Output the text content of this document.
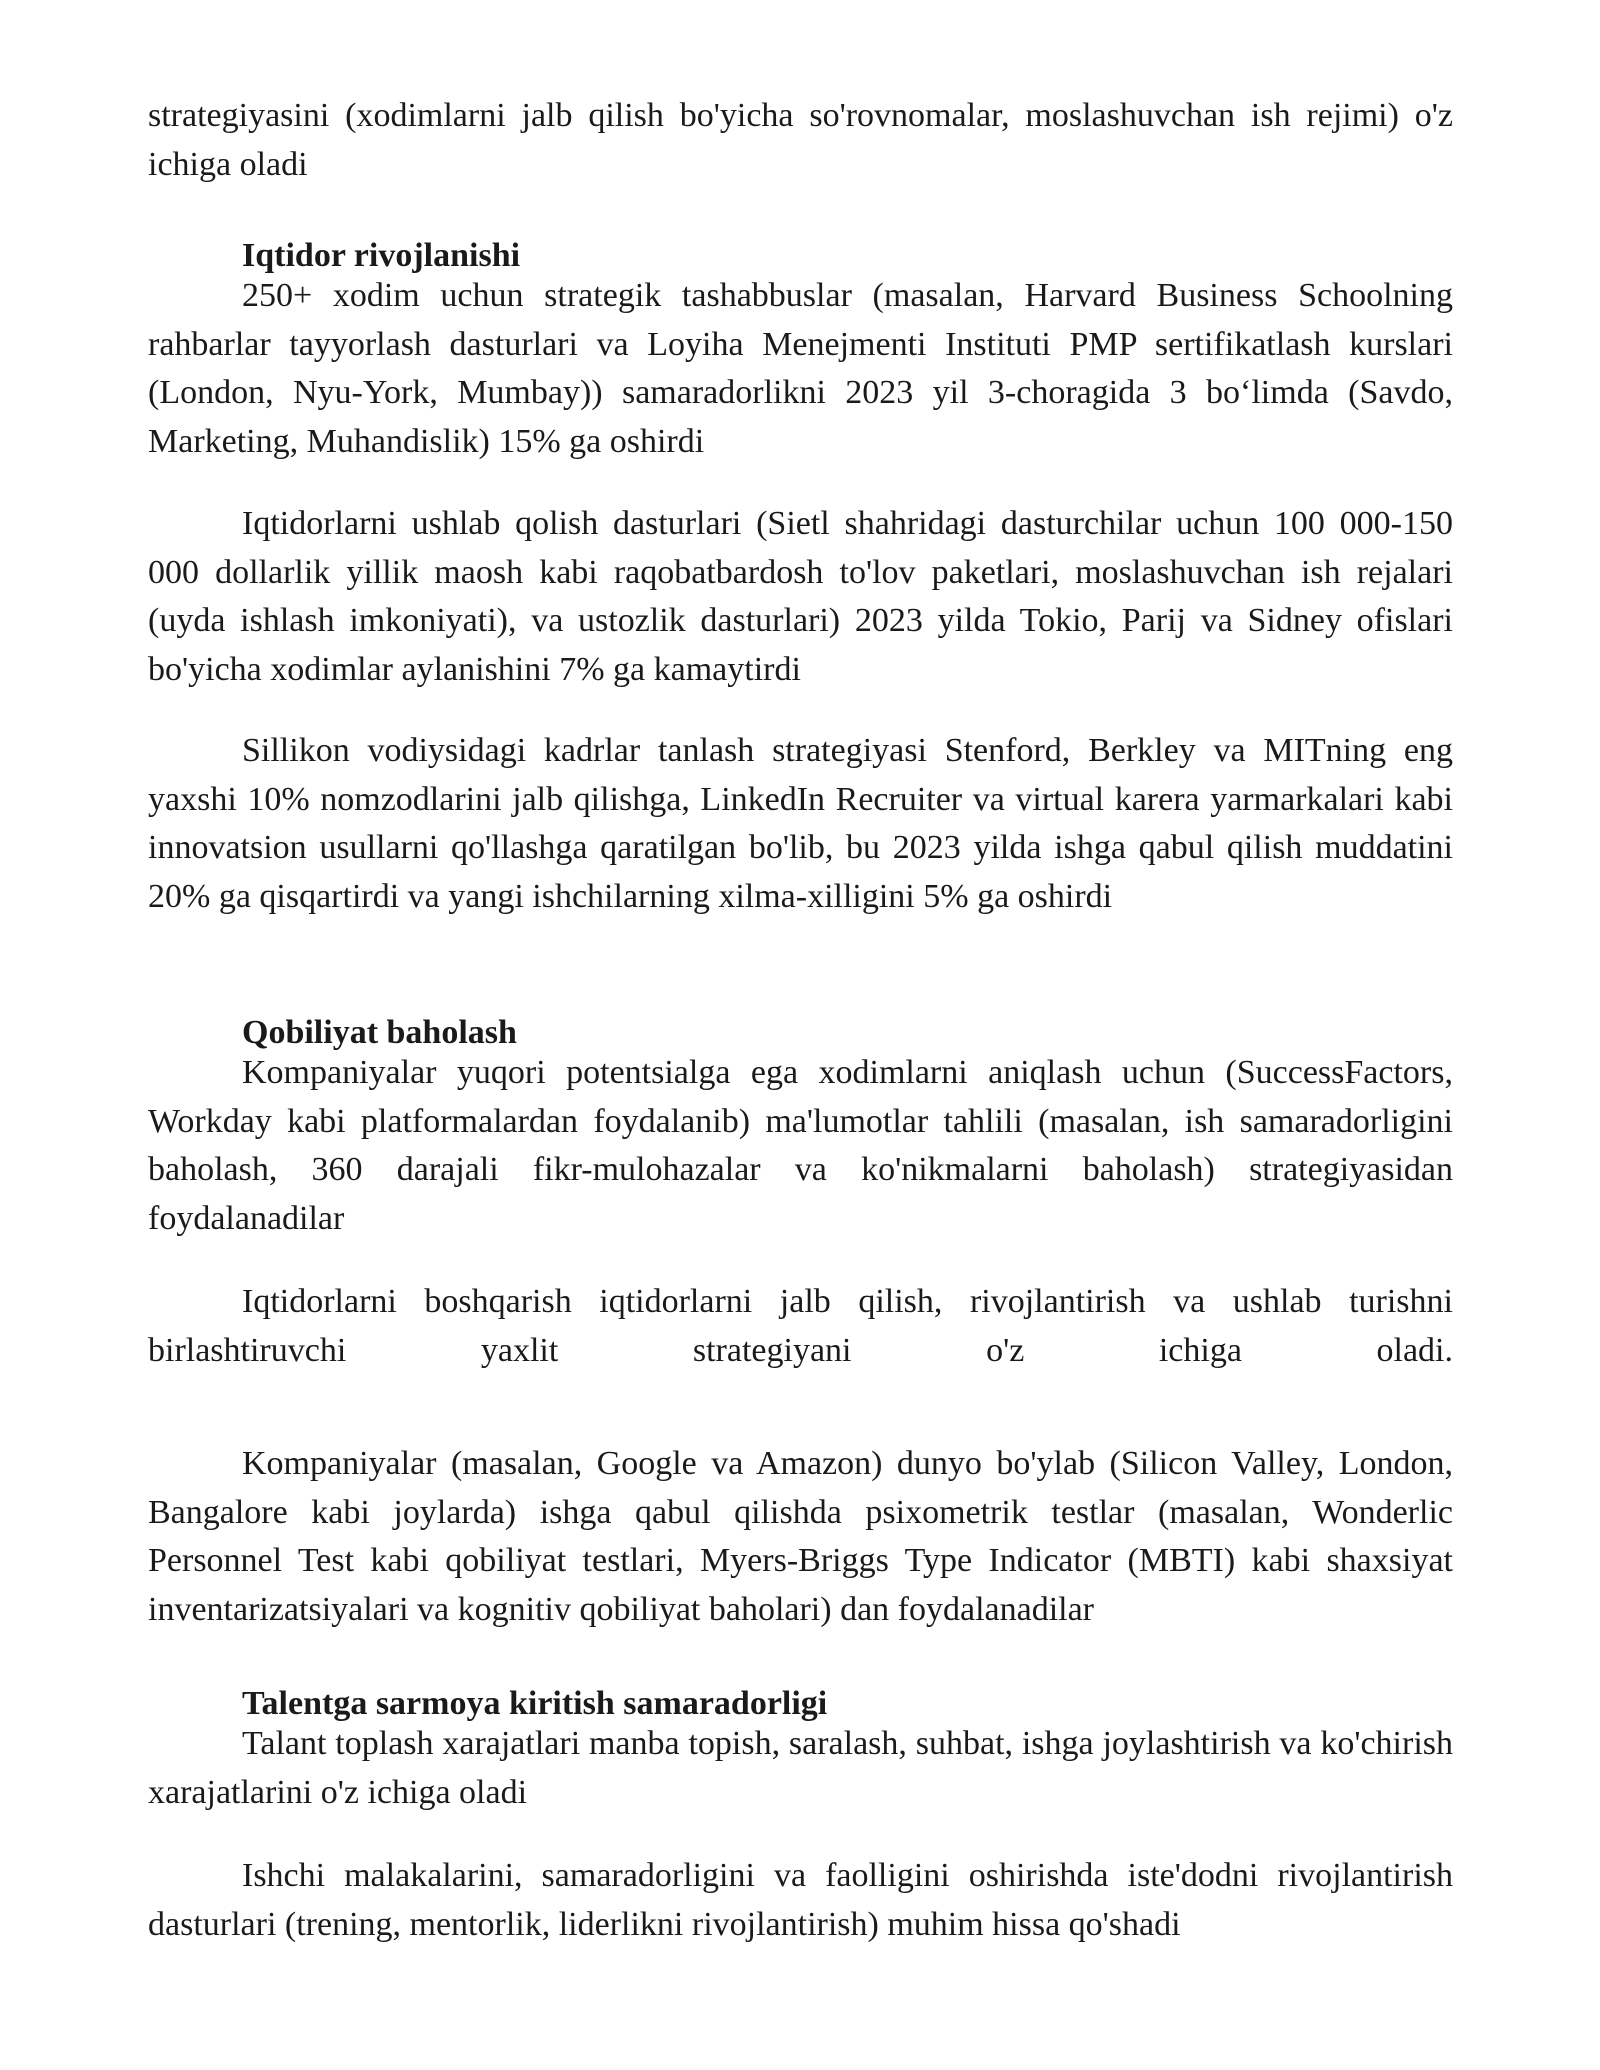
strategiyasini (xodimlarni jalb qilish bo'yicha so'rovnomalar, moslashuvchan ish rejimi) o'z ichiga oladi

Iqtidor rivojlanishi

250+ xodim uchun strategik tashabbuslar (masalan, Harvard Business Schoolning rahbarlar tayyorlash dasturlari va Loyiha Menejmenti Instituti PMP sertifikatlash kurslari (London, Nyu-York, Mumbay)) samaradorlikni 2023 yil 3-choragida 3 bo‘limda (Savdo, Marketing, Muhandislik) 15% ga oshirdi

Iqtidorlarni ushlab qolish dasturlari (Sietl shahridagi dasturchilar uchun 100 000-150 000 dollarlik yillik maosh kabi raqobatbardosh to'lov paketlari, moslashuvchan ish rejalari (uyda ishlash imkoniyati), va ustozlik dasturlari) 2023 yilda Tokio, Parij va Sidney ofislari bo'yicha xodimlar aylanishini 7% ga kamaytirdi

Sillikon vodiysidagi kadrlar tanlash strategiyasi Stenford, Berkley va MITning eng yaxshi 10% nomzodlarini jalb qilishga, LinkedIn Recruiter va virtual karera yarmarkalari kabi innovatsion usullarni qo'llashga qaratilgan bo'lib, bu 2023 yilda ishga qabul qilish muddatini 20% ga qisqartirdi va yangi ishchilarning xilma-xilligini 5% ga oshirdi

Qobiliyat baholash

Kompaniyalar yuqori potentsialga ega xodimlarni aniqlash uchun (SuccessFactors, Workday kabi platformalardan foydalanib) ma'lumotlar tahlili (masalan, ish samaradorligini baholash, 360 darajali fikr-mulohazalar va ko'nikmalarni baholash) strategiyasidan foydalanadilar

Iqtidorlarni boshqarish iqtidorlarni jalb qilish, rivojlantirish va ushlab turishni birlashtiruvchi yaxlit strategiyani o'z ichiga oladi.

Kompaniyalar (masalan, Google va Amazon) dunyo bo'ylab (Silicon Valley, London, Bangalore kabi joylarda) ishga qabul qilishda psixometrik testlar (masalan, Wonderlic Personnel Test kabi qobiliyat testlari, Myers-Briggs Type Indicator (MBTI) kabi shaxsiyat inventarizatsiyalari va kognitiv qobiliyat baholari) dan foydalanadilar

Talentga sarmoya kiritish samaradorligi

Talant toplash xarajatlari manba topish, saralash, suhbat, ishga joylashtirish va ko'chirish xarajatlarini o'z ichiga oladi

Ishchi malakalarini, samaradorligini va faolligini oshirishda iste'dodni rivojlantirish dasturlari (trening, mentorlik, liderlikni rivojlantirish) muhim hissa qo'shadi
